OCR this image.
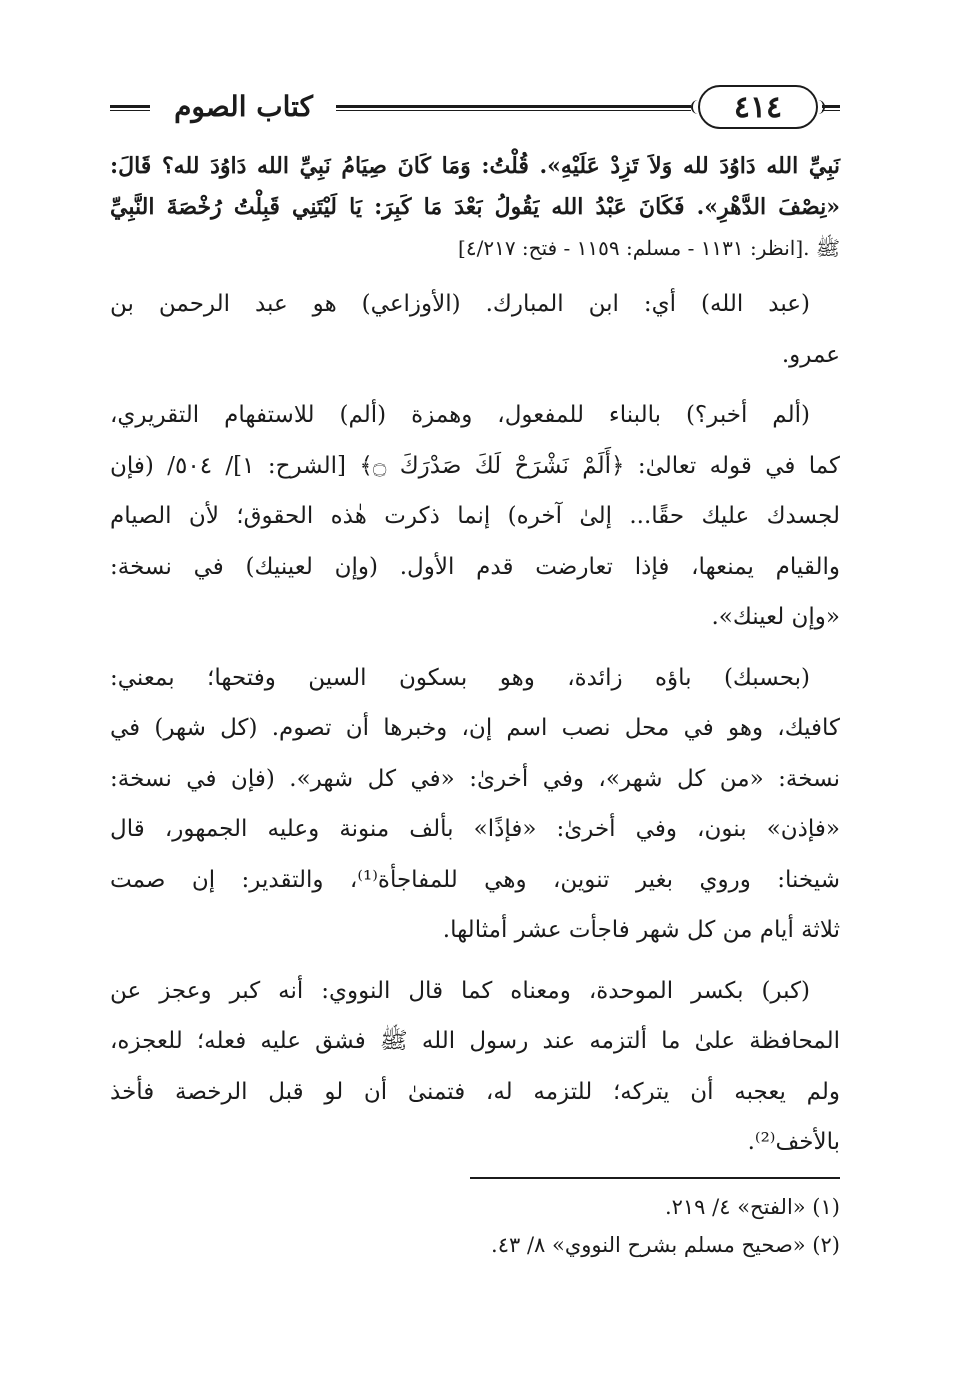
كتاب الصوم	٤١٤
نَبِيِّ الله دَاوُدَ لله وَلاَ تَزِدْ عَلَيْهِ». قُلْتُ: وَمَا كَانَ صِيَامُ نَبِيِّ الله دَاوُدَ لله؟ قَالَ:
«نِصْفَ الدَّهْرِ». فَكَانَ عَبْدُ الله يَقُولُ بَعْدَ مَا كَبِرَ: يَا لَيْتَنِي قَبِلْتُ رُخْصَةَ النَّبِيِّ
ﷺ .[انظر: ١١٣١ - مسلم: ١١٥٩ - فتح: ٤/٢١٧]
(عبد الله) أي: ابن المبارك. (الأوزاعي) هو عبد الرحمن بن
عمرو.
(ألم أخبر؟) بالبناء للمفعول، وهمزة (ألم) للاستفهام التقريري،
كما في قوله تعالىٰ: ﴿أَلَمْ نَشْرَحْ لَكَ صَدْرَكَ ۝﴾ [الشرح: ١]/ ٥٠٤/ (فإن
لجسدك عليك حقًا... إلىٰ آخره) إنما ذكرت هٰذه الحقوق؛ لأن الصيام
والقيام يمنعها، فإذا تعارضت قدم الأول. (وإن لعينيك) في نسخة:
«وإن لعينك».
(بحسبك) باؤه زائدة، وهو بسكون السين وفتحها؛ بمعني:
كافيك، وهو في محل نصب اسم إن، وخبرها أن تصوم. (كل شهر) في
نسخة: «من كل شهر»، وفي أخرىٰ: «في كل شهر». (فإن في نسخة:
«فإذن» بنون، وفي أخرىٰ: «فإذًا» بألف منونة وعليه الجمهور، قال
شيخنا: وروي بغير تنوين، وهي للمفاجأة⁽¹⁾، والتقدير: إن صمت
ثلاثة أيام من كل شهر فاجأت عشر أمثالها.
(كبر) بكسر الموحدة، ومعناه كما قال النووي: أنه كبر وعجز عن
المحافظة علىٰ ما ألتزمه عند رسول الله ﷺ فشق عليه فعله؛ للعجزه،
ولم يعجبه أن يتركه؛ للتزمه له، فتمنىٰ أن لو قبل الرخصة فأخذ
بالأخف⁽²⁾.
(١) «الفتح» ٤/ ٢١٩.
(٢) «صحيح مسلم بشرح النووي» ٨/ ٤٣.
